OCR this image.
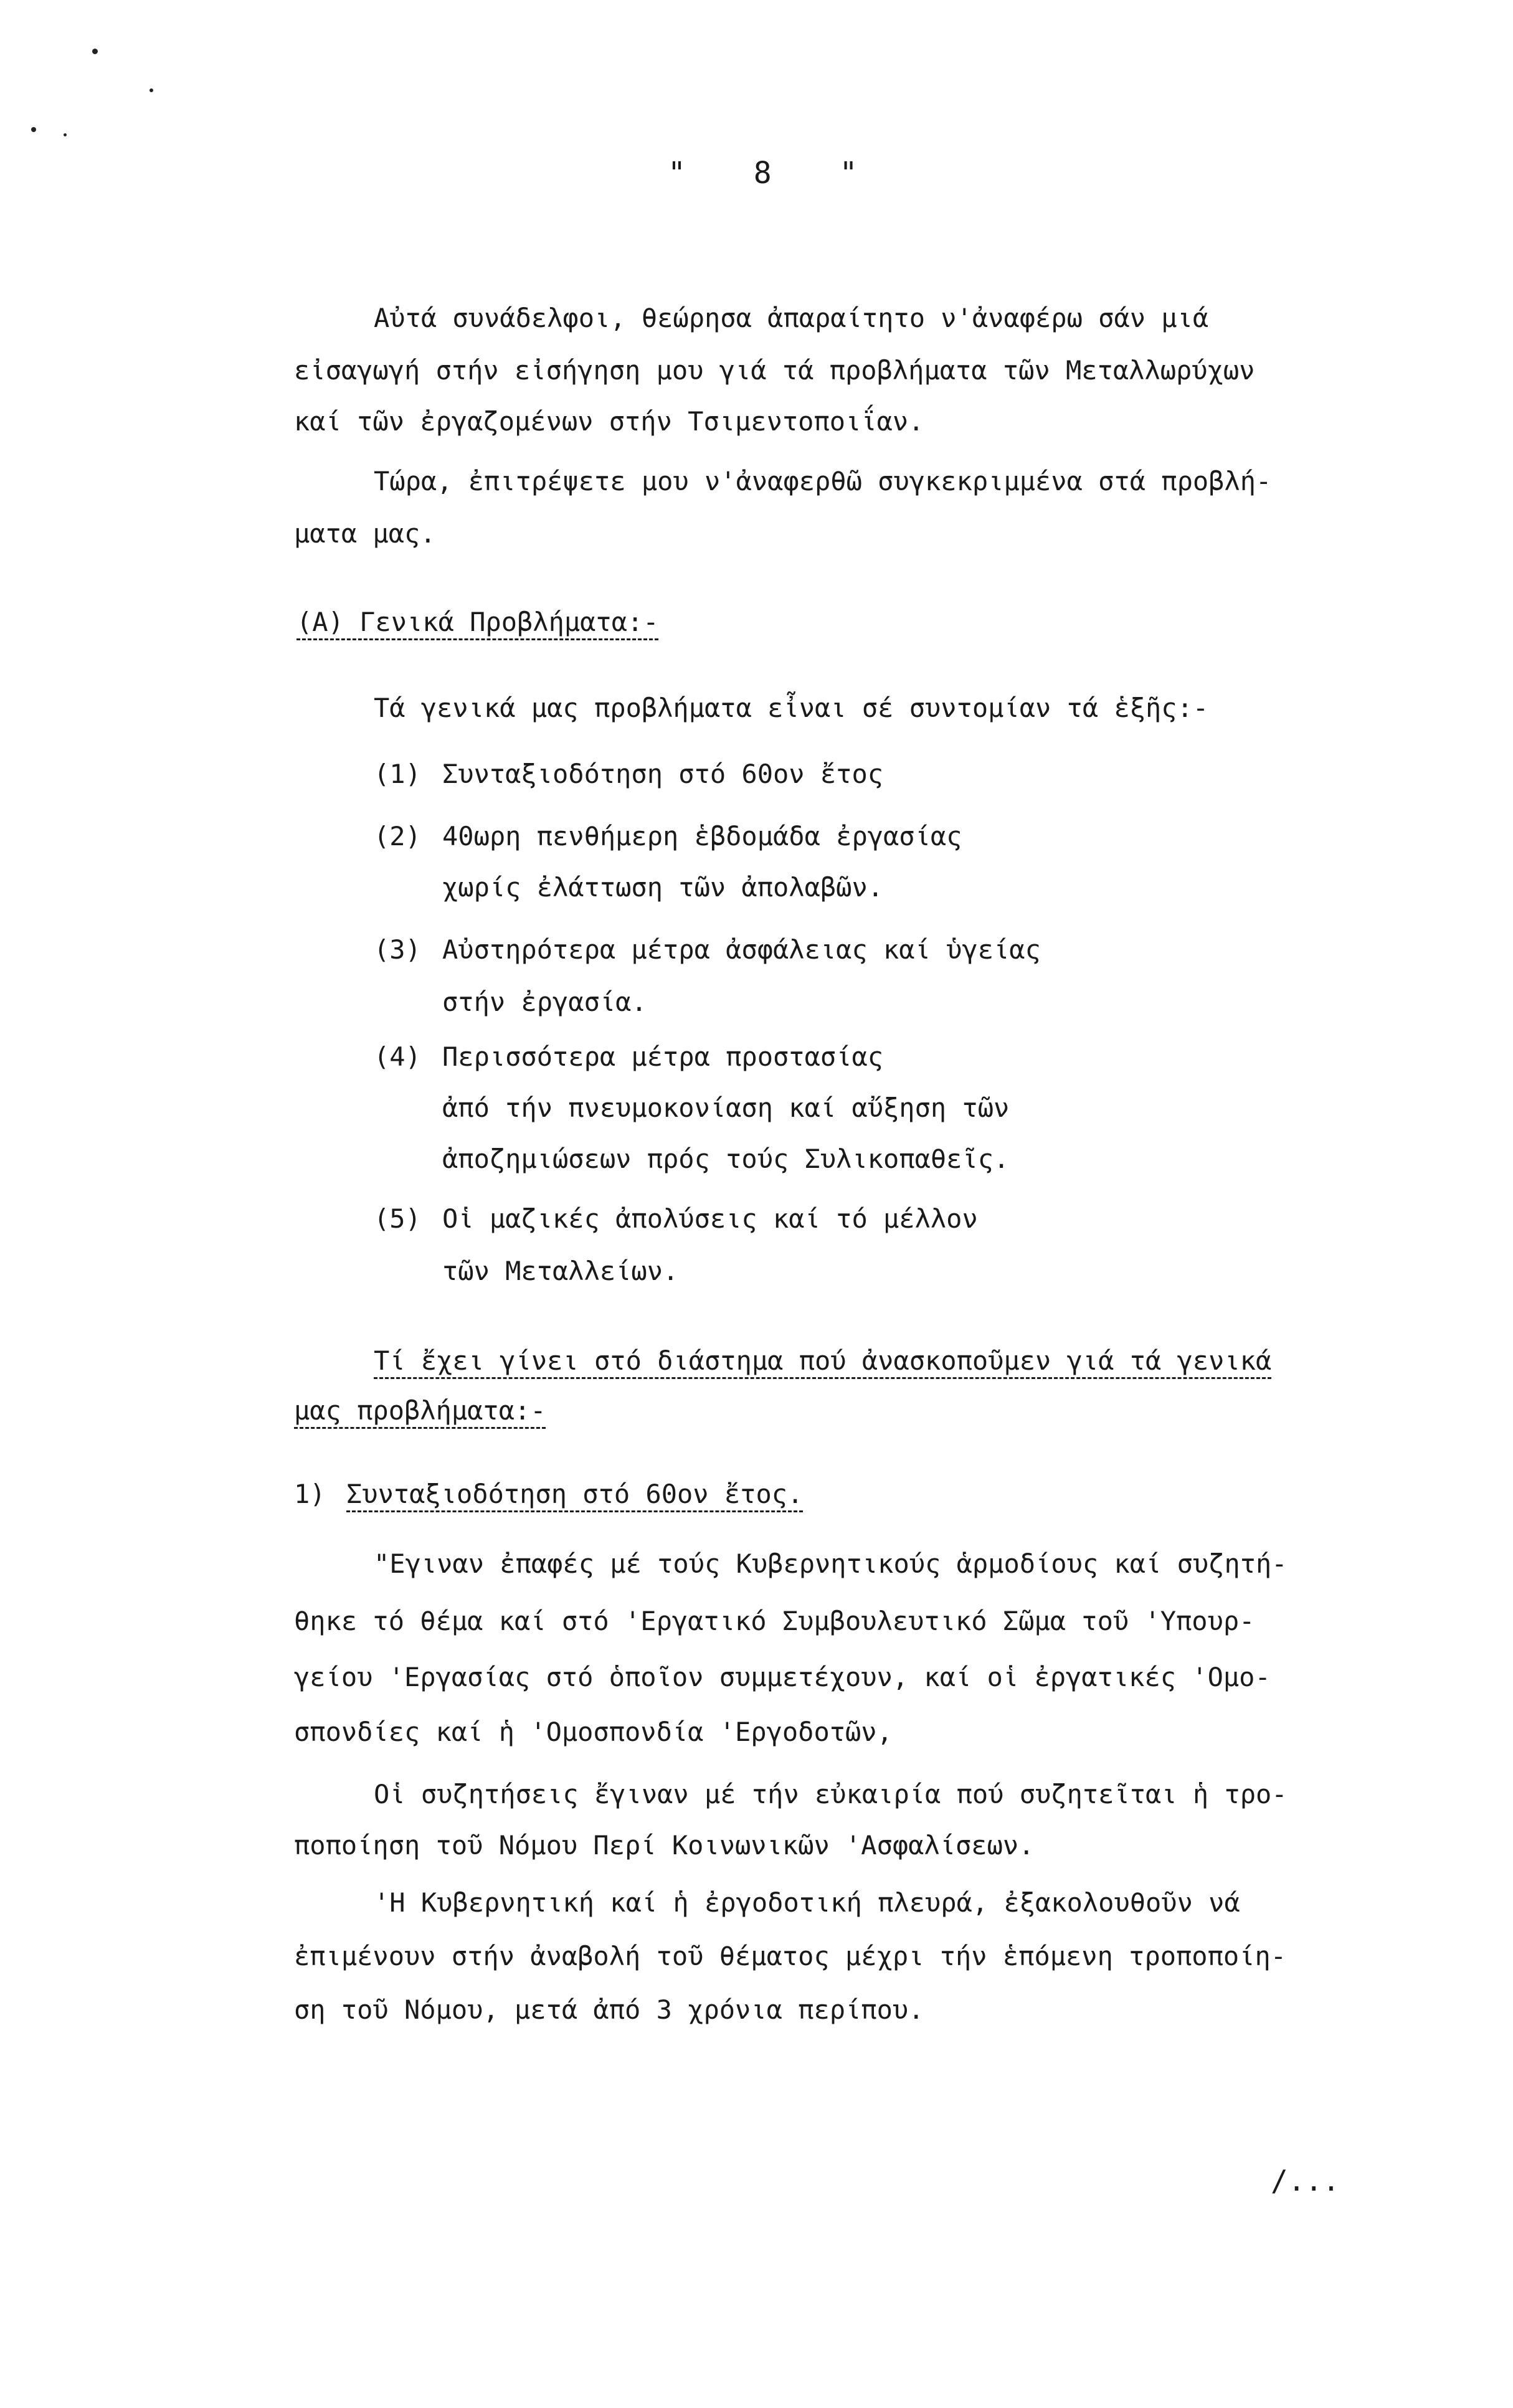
" 8 "
Αὐτά συνάδελφοι, θεώρησα ἀπαραίτητο ν'ἀναφέρω σάν μιά
εἰσαγωγή στήν εἰσήγηση μου γιά τά προβλήματα τῶν Μεταλλωρύχων
καί τῶν ἐργαζομένων στήν Τσιμεντοποιΐαν.
Τώρα, ἐπιτρέψετε μου ν'ἀναφερθῶ συγκεκριμμένα στά προβλή-
ματα μας.
(Α) Γενικά Προβλήματα:-
Τά γενικά μας προβλήματα εἶναι σέ συντομίαν τά ἑξῆς:-
(1) Συνταξιοδότηση στό 60ον ἔτος
(2) 40ωρη πενθήμερη ἑβδομάδα ἐργασίας
χωρίς ἐλάττωση τῶν ἀπολαβῶν.
(3) Αὐστηρότερα μέτρα ἀσφάλειας καί ὑγείας
στήν ἐργασία.
(4) Περισσότερα μέτρα προστασίας
ἀπό τήν πνευμοκονίαση καί αὔξηση τῶν
ἀποζημιώσεων πρός τούς Συλικοπαθεῖς.
(5) Οἱ μαζικές ἀπολύσεις καί τό μέλλον
τῶν Μεταλλείων.
Τί ἔχει γίνει στό διάστημα πού ἀνασκοποῦμεν γιά τά γενικά
μας προβλήματα:-
1) Συνταξιοδότηση στό 60ον ἔτος.
"Εγιναν ἐπαφές μέ τούς Κυβερνητικούς ἁρμοδίους καί συζητή-
θηκε τό θέμα καί στό 'Εργατικό Συμβουλευτικό Σῶμα τοῦ 'Υπουρ-
γείου 'Εργασίας στό ὁποῖον συμμετέχουν, καί οἱ ἐργατικές 'Ομο-
σπονδίες καί ἡ 'Ομοσπονδία 'Εργοδοτῶν,
Οἱ συζητήσεις ἔγιναν μέ τήν εὐκαιρία πού συζητεῖται ἡ τρο-
ποποίηση τοῦ Νόμου Περί Κοινωνικῶν 'Ασφαλίσεων.
'Η Κυβερνητική καί ἡ ἐργοδοτική πλευρά, ἐξακολουθοῦν νά
ἐπιμένουν στήν ἀναβολή τοῦ θέματος μέχρι τήν ἑπόμενη τροποποίη-
ση τοῦ Νόμου, μετά ἀπό 3 χρόνια περίπου.
/...
